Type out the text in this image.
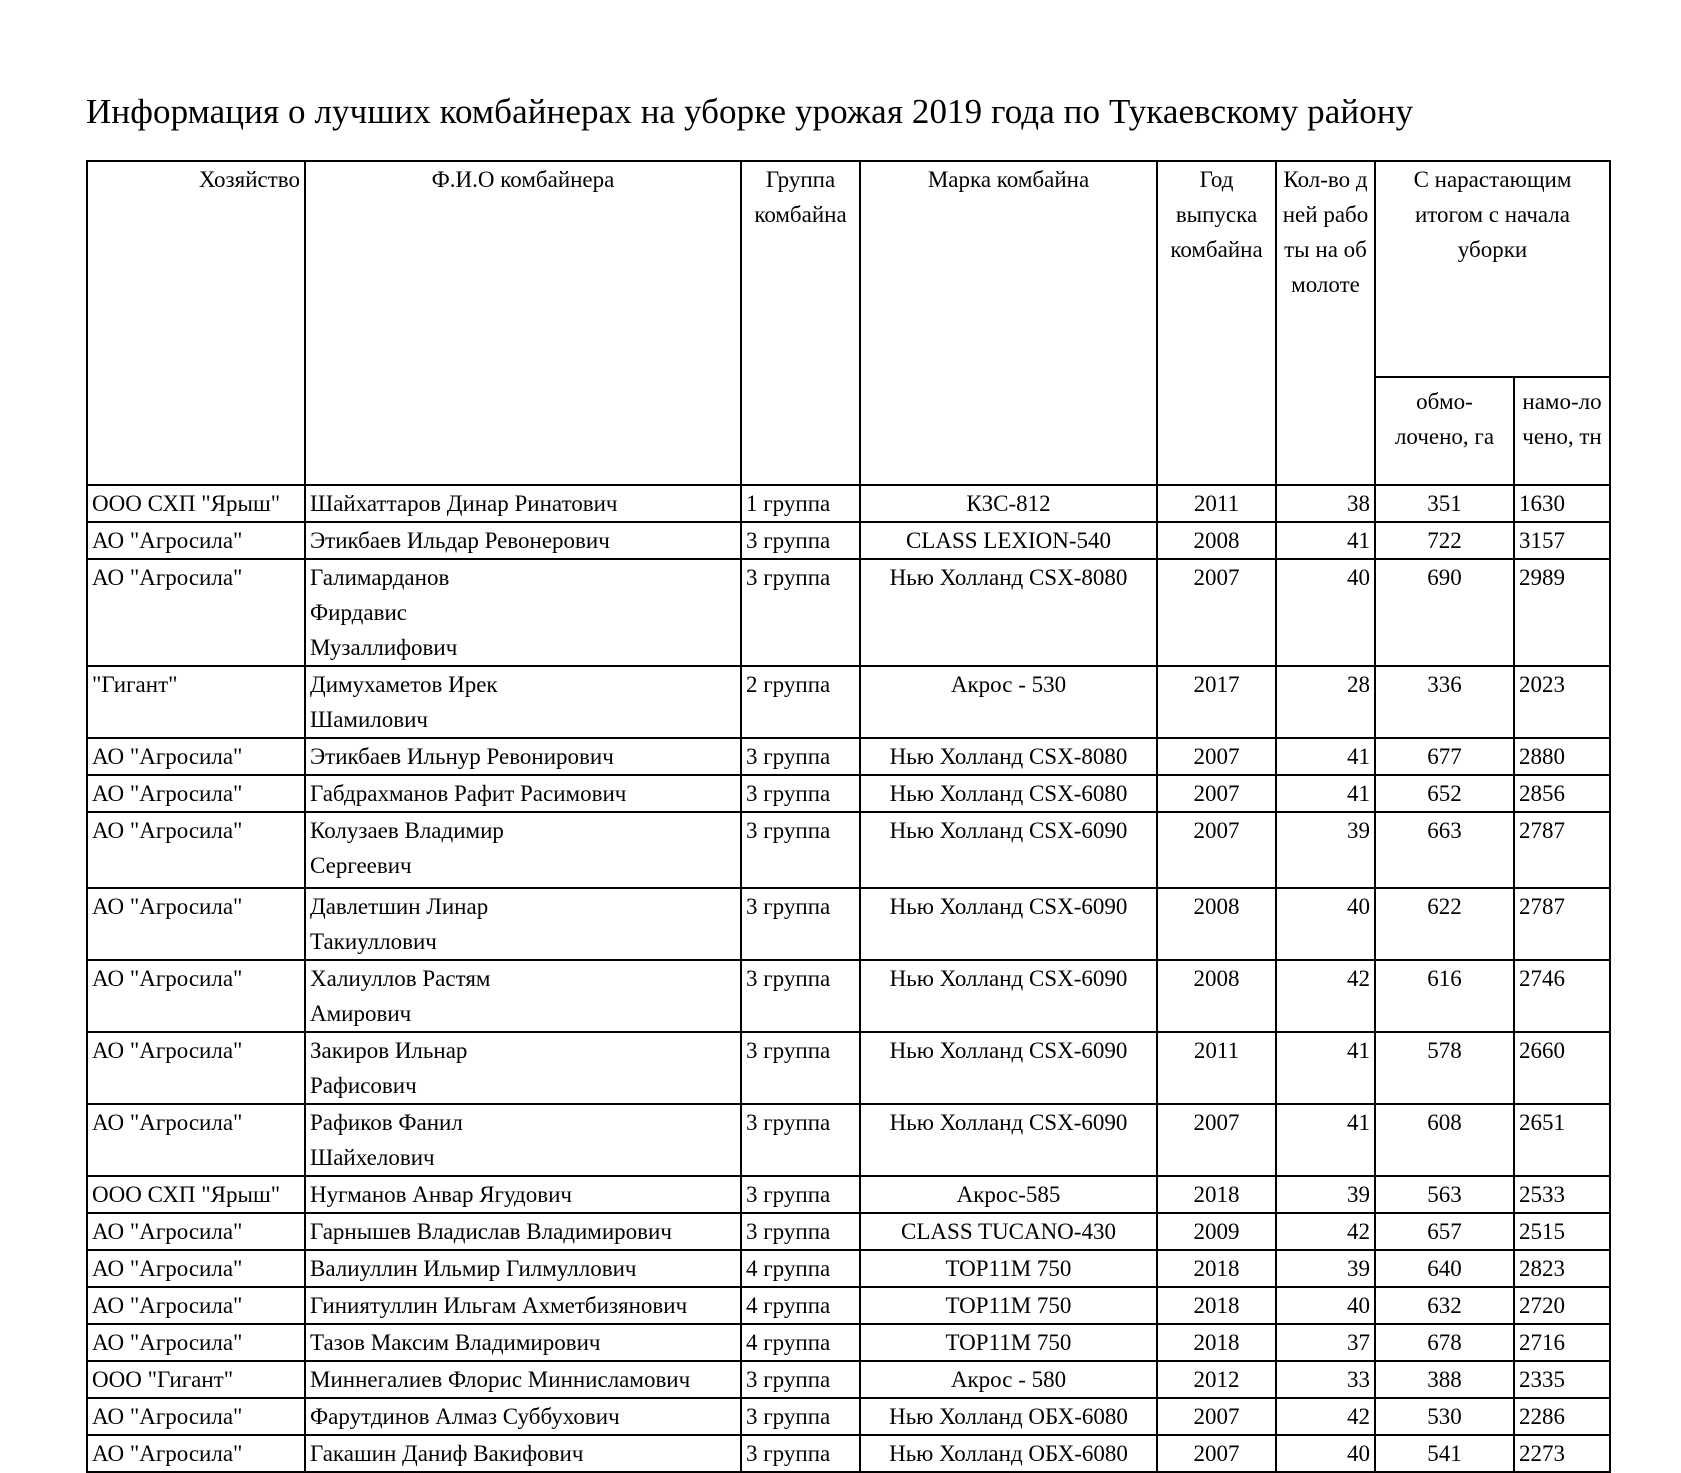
Информация о лучших комбайнерах на уборке урожая 2019 года по Тукаевскому району
Хозяйство	Ф.И.О комбайнера	Группа комбайна	Марка комбайна	Год выпуска комбайна	Кол-во дней работы на обмолоте	С нарастающим итогом с начала уборки	
						обмо-лочено, га	намо-лочено, тн
ООО СХП "Ярыш"	Шайхаттаров Динар Ринатович	1 группа	КЗС-812	2011	38	351	1630
АО "Агросила"	Этикбаев Ильдар Ревонерович	3 группа	CLASS LEXION-540	2008	41	722	3157
АО "Агросила"	Галимарданов Фирдавис Музаллифович	3 группа	Нью Холланд CSX-8080	2007	40	690	2989
"Гигант"	Димухаметов Ирек Шамилович	2 группа	Акрос - 530	2017	28	336	2023
АО "Агросила"	Этикбаев Ильнур Ревонирович	3 группа	Нью Холланд CSX-8080	2007	41	677	2880
АО "Агросила"	Габдрахманов Рафит Расимович	3 группа	Нью Холланд CSX-6080	2007	41	652	2856
АО "Агросила"	Колузаев Владимир Сергеевич	3 группа	Нью Холланд CSX-6090	2007	39	663	2787
АО "Агросила"	Давлетшин Линар Такиуллович	3 группа	Нью Холланд CSX-6090	2008	40	622	2787
АО "Агросила"	Халиуллов Растям Амирович	3 группа	Нью Холланд CSX-6090	2008	42	616	2746
АО "Агросила"	Закиров Ильнар Рафисович	3 группа	Нью Холланд CSX-6090	2011	41	578	2660
АО "Агросила"	Рафиков Фанил Шайхелович	3 группа	Нью Холланд CSX-6090	2007	41	608	2651
ООО СХП "Ярыш"	Нугманов Анвар Ягудович	3 группа	Акрос-585	2018	39	563	2533
АО "Агросила"	Гарнышев Владислав Владимирович	3 группа	CLASS TUCANO-430	2009	42	657	2515
АО "Агросила"	Валиуллин Ильмир Гилмуллович	4 группа	TOP11M 750	2018	39	640	2823
АО "Агросила"	Гиниятуллин Ильгам Ахметбизянович	4 группа	TOP11M 750	2018	40	632	2720
АО "Агросила"	Тазов Максим Владимирович	4 группа	TOP11M 750	2018	37	678	2716
ООО "Гигант"	Миннегалиев Флорис Миннисламович	3 группа	Акрос - 580	2012	33	388	2335
АО "Агросила"	Фарутдинов Алмаз Суббухович	3 группа	Нью Холланд ОБХ-6080	2007	42	530	2286
АО "Агросила"	Гакашин Даниф Вакифович	3 группа	Нью Холланд ОБХ-6080	2007	40	541	2273
